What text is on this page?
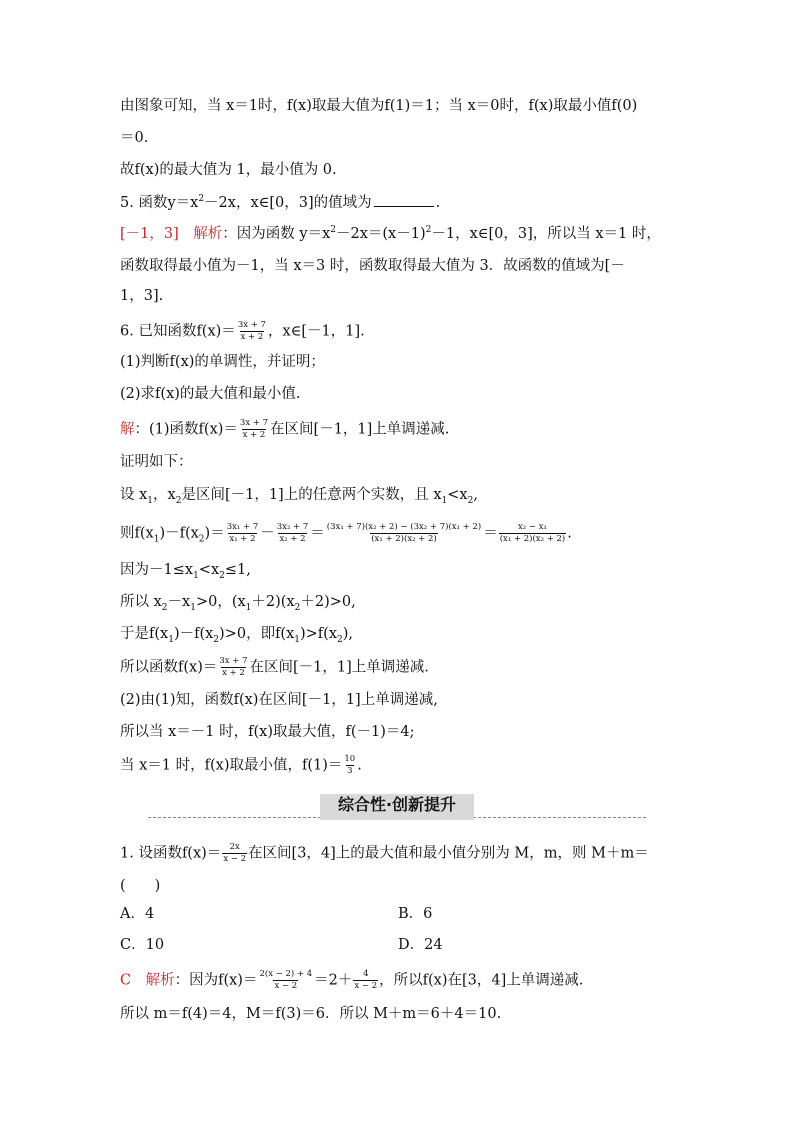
由图象可知，当 x＝1时，f(x)取最大值为f(1)＝1；当 x＝0时，f(x)取最小值f(0)
＝0.
故f(x)的最大值为 1，最小值为 0.
5. 函数$y=x^2-2x$，x∈[0，3]的值域为	.
[－1，3]　 解析：因为函数 $y=x^2-2x=(x-1)^2-1$，x∈[0，3]，所以当 x＝1 时，
函数取得最小值为－1，当 x＝3 时，函数取得最大值为 3．故函数的值域为[－
1，3].
6. 已知函数$f(x)= \frac{3x + 7}{x + 2}$ ，x∈[－1，1].
(1)判断f(x)的单调性，并证明；
(2)求f(x)的最大值和最小值.
解：(1)函数$f(x)= \frac{3x + 7}{x + 2}$ 在区间[－1，1]上单调递减.
证明如下：
设 $x_1$，$x_2$是区间[－1，1]上的任意两个实数，且 $x_1<x_2$,
则$f(x_1)-f(x_2)= \frac{\text{3x₁ + 7}}{\text{x₁ + 2}} - \frac{\text{3x₂ + 7}}{\text{x₂ + 2}} = \frac{\text{(3x₁ + 7)(x₂ + 2) − (3x₂ + 7)(x₁ + 2)}}{\text{(x₁ + 2)(x₂ + 2)}} = \frac{\text{x₂ − x₁}}{\text{(x₁ + 2)(x₂ + 2)}}$ .
因为$-1\le x_1<x_2\le 1$,
所以 $x_2-x_1>0$，$(x_1+2)(x_2+2)>0$,
于是$f(x_1)-f(x_2)>0$，即$f(x_1)>f(x_2)$,
所以函数$f(x)= \frac{3x + 7}{x + 2}$ 在区间[－1，1]上单调递减.
(2)由(1)知，函数f(x)在区间[－1，1]上单调递减,
所以当 x＝－1 时，f(x)取最大值，f(－1)＝4;
当 x＝1 时，f(x)取最小值，$f(1)= \frac{10}{3}$ .
综合性·创新提升
1. 设函数$f(x)= \frac{2x}{x - 2}$ 在区间[3，4]上的最大值和最小值分别为 M，m，则 M＋m＝
(　　)
A．4	B．6
C．10	D．24
C　 解析：因为$f(x)= \frac{2(x - 2) + 4}{x - 2} =2+ \frac{4}{x - 2}$ ，所以f(x)在[3，4]上单调递减.
所以 m＝f(4)＝4，M＝f(3)＝6．所以 M＋m＝6＋4＝10.
